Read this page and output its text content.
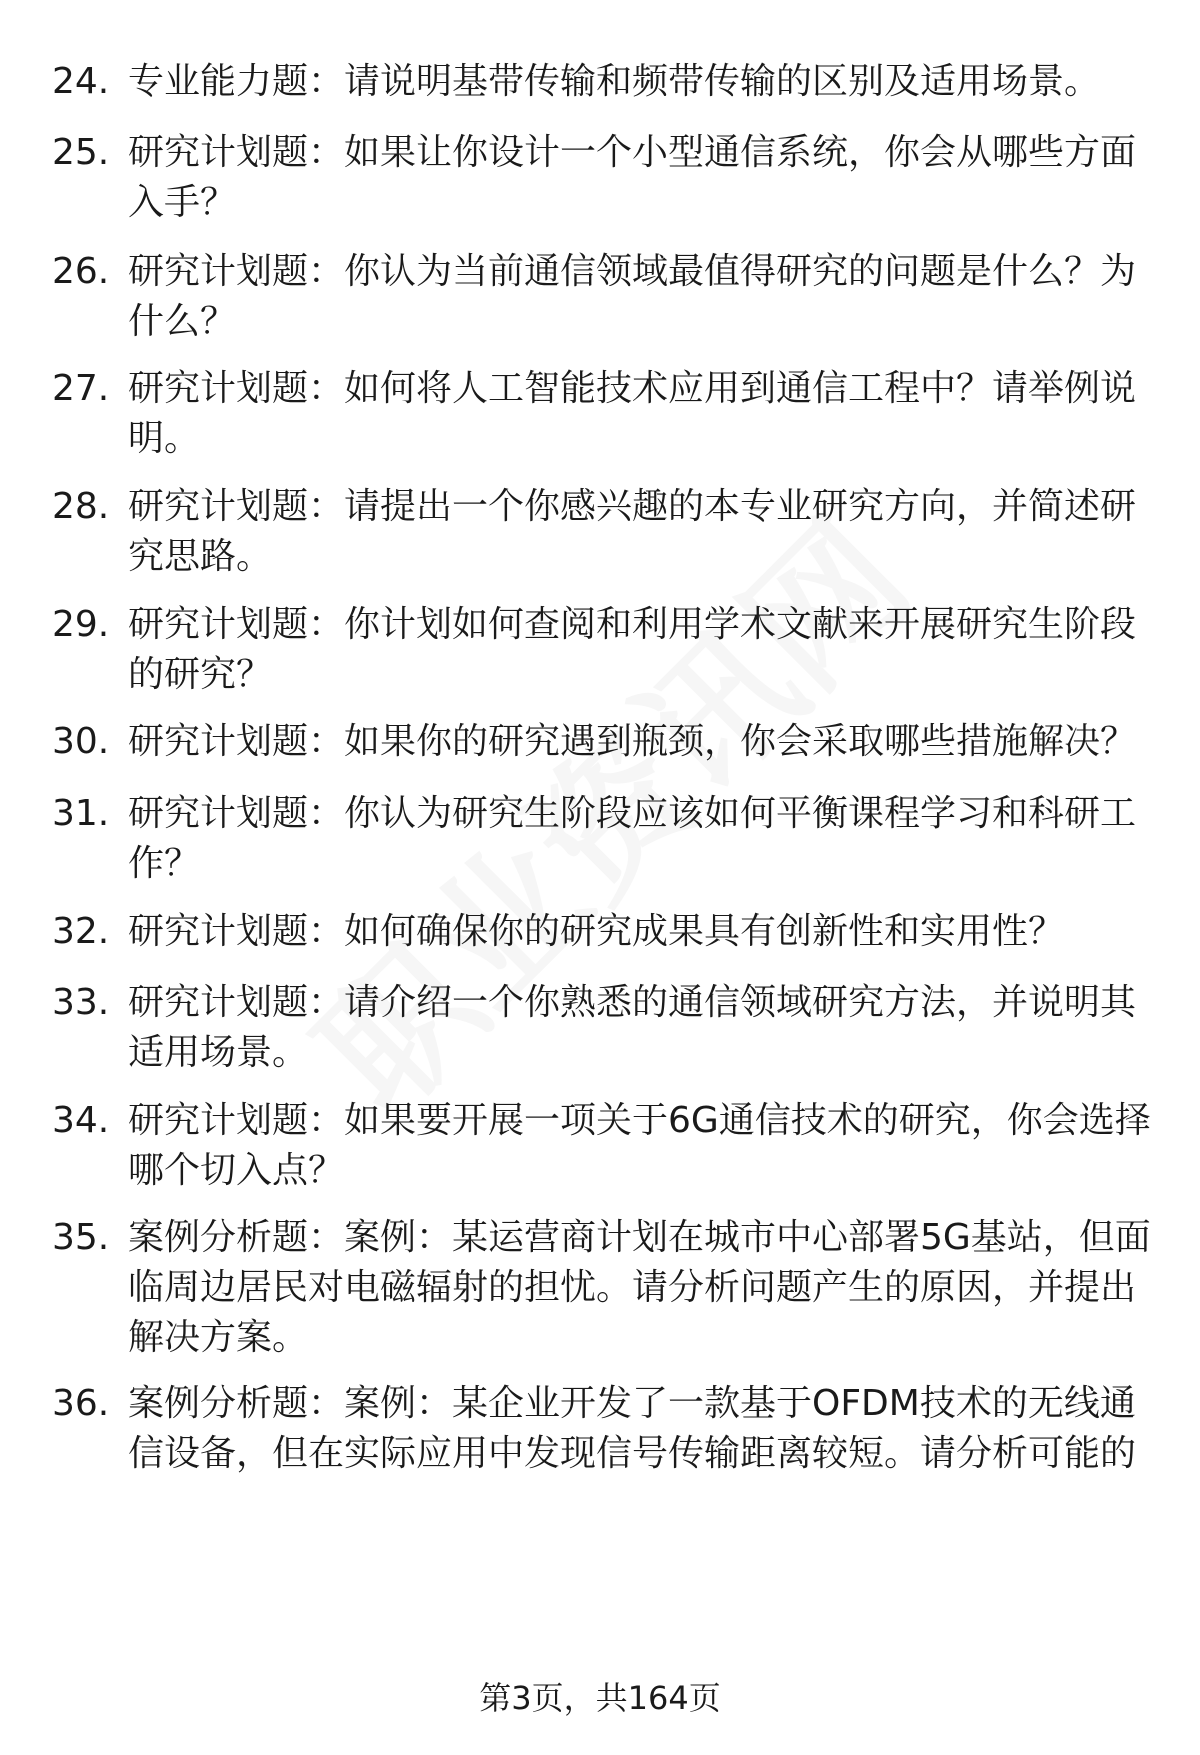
24. 专业能力题：请说明基带传输和频带传输的区别及适用场景。
25. 研究计划题：如果让你设计一个小型通信系统，你会从哪些方面入手？
26. 研究计划题：你认为当前通信领域最值得研究的问题是什么？为什么？
27. 研究计划题：如何将人工智能技术应用到通信工程中？请举例说明。
28. 研究计划题：请提出一个你感兴趣的本专业研究方向，并简述研究思路。
29. 研究计划题：你计划如何查阅和利用学术文献来开展研究生阶段的研究？
30. 研究计划题：如果你的研究遇到瓶颈，你会采取哪些措施解决？
31. 研究计划题：你认为研究生阶段应该如何平衡课程学习和科研工作？
32. 研究计划题：如何确保你的研究成果具有创新性和实用性？
33. 研究计划题：请介绍一个你熟悉的通信领域研究方法，并说明其适用场景。
34. 研究计划题：如果要开展一项关于6G通信技术的研究，你会选择哪个切入点？
35. 案例分析题：案例：某运营商计划在城市中心部署5G基站，但面临周边居民对电磁辐射的担忧。请分析问题产生的原因，并提出解决方案。
36. 案例分析题：案例：某企业开发了一款基于OFDM技术的无线通信设备，但在实际应用中发现信号传输距离较短。请分析可能的
第3页，共164页
